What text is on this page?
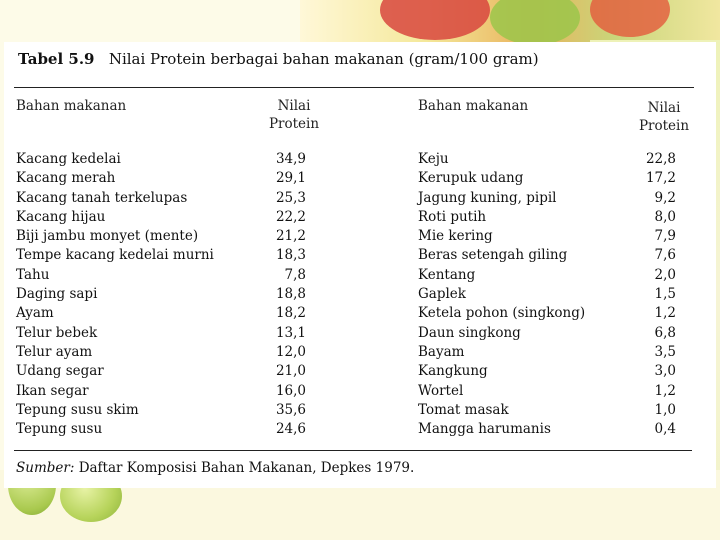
Tabel 5.9 Nilai Protein berbagai bahan makanan (gram/100 gram)
Bahan makanan	Nilai
Protein
Bahan makanan	Nilai
Protein
Kacang kedelai
Kacang merah
Kacang tanah terkelupas
Kacang hijau
Biji jambu monyet (mente)
Tempe kacang kedelai murni
Tahu
Daging sapi
Ayam
Telur bebek
Telur ayam
Udang segar
Ikan segar
Tepung susu skim
Tepung susu
34,9
29,1
25,3
22,2
21,2
18,3
7,8
18,8
18,2
13,1
12,0
21,0
16,0
35,6
24,6
Keju
Kerupuk udang
Jagung kuning, pipil
Roti putih
Mie kering
Beras setengah giling
Kentang
Gaplek
Ketela pohon (singkong)
Daun singkong
Bayam
Kangkung
Wortel
Tomat masak
Mangga harumanis
22,8
17,2
9,2
8,0
7,9
7,6
2,0
1,5
1,2
6,8
3,5
3,0
1,2
1,0
0,4
Sumber: Daftar Komposisi Bahan Makanan, Depkes 1979.
